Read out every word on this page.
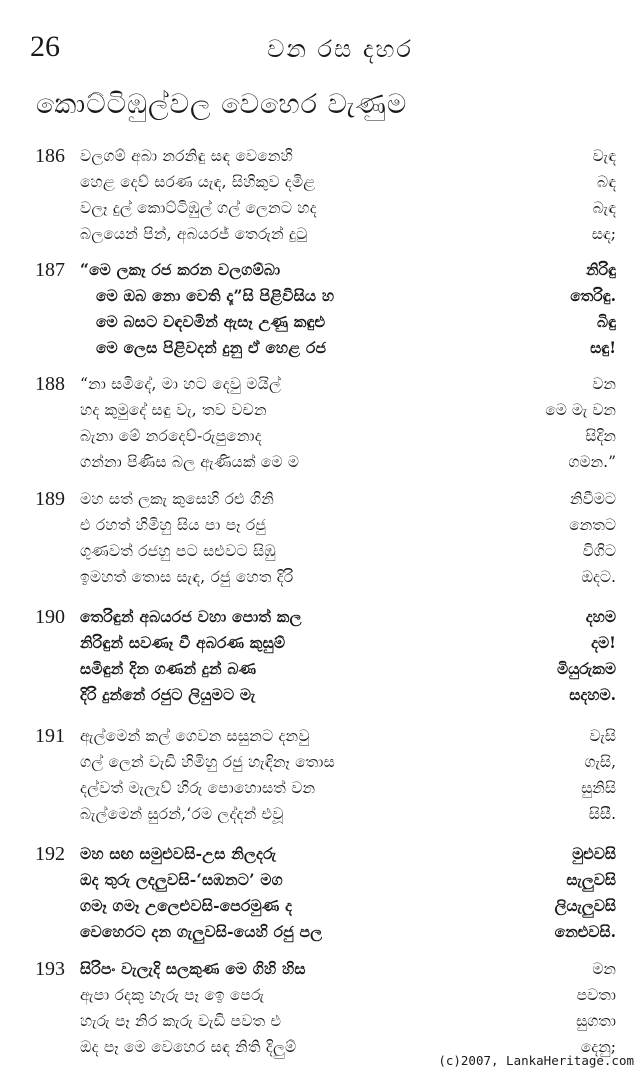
26	වන රස දහර
කොට්ටිඹුල්වල වෙහෙර වැණුම
186 වලගම් අබා නරනිඳු සඳ වෙනෙහි	වැඳ
හෙළ දෙව් සරණ යැඳ, සිහිකුව දමිළ	බඳ
වලෑ දුල් කොට්ටිඹුල් ගල් ලෙනට හද	බැඳ
බලයෙන් පින්, අබයරජ් තෙරුන් දුටු	සඳ;
187 “මෙ ලකෑ රජ කරන වලගම්බා	නිරිඳු
මෙ ඔබ නො වෙති දෑ”සි පිළිවිසිය හ	තෙරිඳු.
මෙ බසට වඳවමින් ඇසෑ උණු කඳුළු	බිඳු
මෙ ලෙස පිළිවදන් දුනු ඒ හෙළ රජ	සඳු!
188 “නා සමිදේ, මා හට දෙවු මයිල්	වන
හද කුමුදේ සඳු වැ, තව වචන	මෙ මැ වන
බැනා මේ නරදෙව්-රුපුනොද	සිදින
ගන්නා පිණිස බල ඇණියක් මෙ ම	ගමන.”
189 මහ සත් ලකැ කුසෙහි රළු ගිනි	නිවීමට
එ රහත් හිමිහු සිය පා පෑ රජු	නෙතට
ගුණවත් රජහු පට සළුවට සිඹු	විගිට
ඉමහත් තොස සැඳ, රජු හෙත දිරි	ඔදට.
190 තෙරිඳුන් අබයරජ වහා පොත් කල	දහම
නිරිඳුන් සවණෑ වී අබරණ කුසුම්	දම!
සමිඳුන් දින ගණන් දුන් බණ	මියුරුකම
දිරි දුන්නේ රජුට ලියුමට මැ	සදහම.
191 ඇල්මෙන් කල් ගෙවන සසුනට දනවු	වැසි
ගල් ලෙන් වැඩි හිමිහු රජු හැඳිනෑ තොස	ගැසි,
දල්වත් මැලැව් හිරු පොහොසත් වන	සුනිසි
බැල්මෙන් සුරන්,‘රම ලද්දන් එවූ	සිසී.
192 මහ සඟ සමුළුවසි-උස නිලදරු	මුළුවසි
ඔද තුරු ලදලුවසි-‘සඹනට’ මග	සැලුවසි
ගමෑ ගමෑ උලෙළුවසි-පෙරමුණ ද	ලියැලුවසි
වෙහෙරට දන ගැලුවසි-යෙහි රජු පල	නෙළුවසි.
193 සිරිපං වැලැදි සලකුණ මෙ ගිහි හිස	මන
ඇපා රදකු හැරු පෑ ඉෙ පෙරු	පවතා
හැරු පෑ නිර කැරු වැඩි පවත එ	සුගතා
ඔද පෑ මෙ වෙහෙර සඳ නිති දිලුම්	දෙනු;
(c)2007, LankaHeritage.com
